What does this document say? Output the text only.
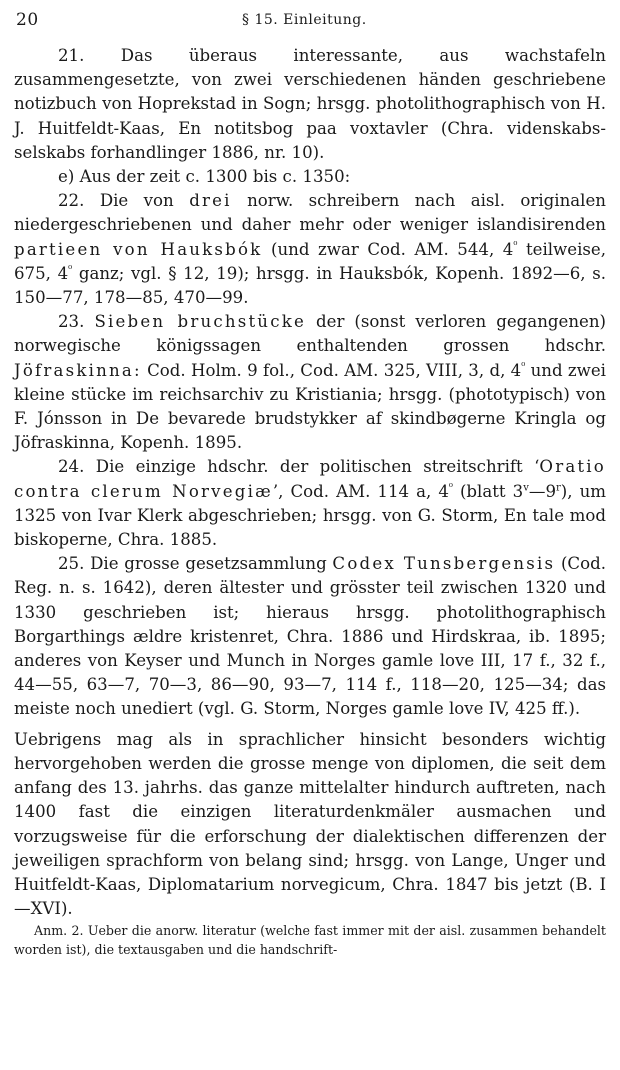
20	§ 15. Einleitung.

21. Das überaus interessante, aus wachstafeln zusammengesetzte, von zwei verschiedenen händen geschriebene notizbuch von Hoprekstad in Sogn; hrsgg. photolithographisch von H. J. Huitfeldt-Kaas, En notitsbog paa voxtavler (Chra. videnskabs-selskabs forhandlinger 1886, nr. 10).

e) Aus der zeit c. 1300 bis c. 1350:

22. Die von drei norw. schreibern nach aisl. originalen niedergeschriebenen und daher mehr oder weniger islandisirenden partieen von Hauksbók (und zwar Cod. AM. 544, $4^{^0}$ teilweise, 675, $4^{^0}$ ganz; vgl. § 12, 19); hrsgg. in Hauksbók, Kopenh. 1892—6, s. 150—77, 178—85, 470—99.

23. Sieben bruchstücke der (sonst verloren gegangenen) norwegische königssagen enthaltenden grossen hdschr. Jöfraskinna: Cod. Holm. 9 fol., Cod. AM. 325, VIII, 3, d, $4^{^0}$ und zwei kleine stücke im reichsarchiv zu Kristiania; hrsgg. (phototypisch) von F. Jónsson in De bevarede brudstykker af skindbøgerne Kringla og Jöfraskinna, Kopenh. 1895.

24. Die einzige hdschr. der politischen streitschrift ‘Oratio contra clerum Norvegiæ’, Cod. AM. 114 a, $4^{^0}$ (blatt 3$^v$—9$^r$), um 1325 von Ivar Klerk abgeschrieben; hrsgg. von G. Storm, En tale mod biskoperne, Chra. 1885.

25. Die grosse gesetzsammlung Codex Tunsbergensis (Cod. Reg. n. s. 1642), deren ältester und grösster teil zwischen 1320 und 1330 geschrieben ist; hieraus hrsgg. photolithographisch Borgarthings ældre kristenret, Chra. 1886 und Hirdskraa, ib. 1895; anderes von Keyser und Munch in Norges gamle love III, 17 f., 32 f., 44—55, 63—7, 70—3, 86—90, 93—7, 114 f., 118—20, 125—34; das meiste noch unediert (vgl. G. Storm, Norges gamle love IV, 425 ff.).

Uebrigens mag als in sprachlicher hinsicht besonders wichtig hervorgehoben werden die grosse menge von diplomen, die seit dem anfang des 13. jahrhs. das ganze mittelalter hindurch auftreten, nach 1400 fast die einzigen literaturdenkmäler ausmachen und vorzugsweise für die erforschung der dialektischen differenzen der jeweiligen sprachform von belang sind; hrsgg. von Lange, Unger und Huitfeldt-Kaas, Diplomatarium norvegicum, Chra. 1847 bis jetzt (B. I—XVI).

Anm. 2. Ueber die anorw. literatur (welche fast immer mit der aisl. zusammen behandelt worden ist), die textausgaben und die handschrift-
